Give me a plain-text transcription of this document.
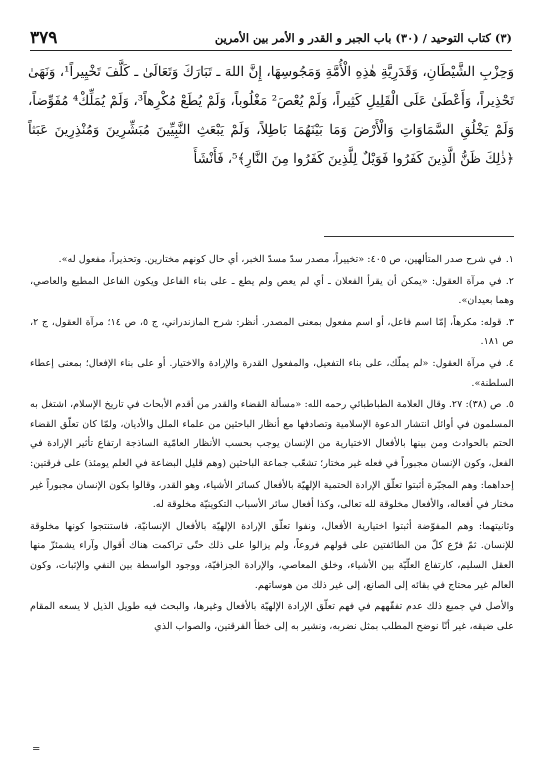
(٣) كتاب التوحيد / (٣٠) باب الجبر و القدر و الأمر بين الأمرين
٣٧٩

وَحِزْبِ الشَّيْطَانِ، وَقَدَرِيَّةِ هٰذِهِ الْأُمَّةِ وَمَجُوسِهَا، إِنَّ اللهَ ـ تَبَارَكَ وَتَعَالَىٰ ـ كَلَّفَ تَخْيِيراً¹، وَنَهَىٰ تَحْذِيراً، وَأَعْطَىٰ عَلَى الْقَلِيلِ كَثِيراً، وَلَمْ يُعْصَ² مَغْلُوباً، وَلَمْ يُطَعْ مُكْرِهاً³، وَلَمْ يُمَلِّكْ⁴ مُفَوِّضاً، وَلَمْ يَخْلُقِ السَّمَاوَاتِ وَالْأَرْضَ وَمَا بَيْنَهُمَا بَاطِلاً، وَلَمْ يَبْعَثِ النَّبِيِّينَ مُبَشِّرِينَ وَمُنْذِرِينَ عَبَثاً ﴿ذٰلِكَ ظَنُّ الَّذِينَ كَفَرُوا فَوَيْلٌ لِلَّذِينَ كَفَرُوا مِنَ النَّارِ﴾⁵، فَأَنْشَأَ

١.في شرح صدر المتألهين، ص ٤٠٥: «تخييراً، مصدر سدّ مسدّ الخبر، أي حال كونهم مختارين. وتحذيراً، مفعول له».
٢.في مرآة العقول: «يمكن أن يقرأ الفعلان ـ أي لم يعص ولم يطع ـ على بناء الفاعل ويكون الفاعل المطيع والعاصي، وهما بعيدان».
٣.قوله: مكرهاً، إمّا اسم فاعل، أو اسم مفعول بمعنى المصدر. أنظر: شرح المازندراني، ج ٥، ص ١٤؛ مرآة العقول، ج ٢، ص ١٨١.
٤.في مرآة العقول: «لم يملّك، على بناء التفعيل، والمفعول القدرة والإرادة والاختيار. أو على بناء الإفعال؛ بمعنى إعطاء السلطنة».
٥.ص (٣٨): ٢٧. وقال العلامة الطباطبائي رحمه الله: «مسألة القضاء والقدر من أقدم الأبحاث في تاريخ الإسلام، اشتغل به المسلمون في أوائل انتشار الدعوة الإسلامية وتصادفها مع أنظار الباحثين من علماء الملل والأديان، ولمّا كان تعلّق القضاء الحتم بالحوادث ومن بينها بالأفعال الاختيارية من الإنسان يوجب بحسب الأنظار العامّية الساذجة ارتفاع تأثير الإرادة في الفعل، وكون الإنسان مجبوراً في فعله غير مختار؛ تشعّب جماعة الباحثين (وهم قليل البضاعة في العلم يومئذ) على فرقتين:

إحداهما: وهم المجبّرة أثبتوا تعلّق الإرادة الحتمية الإلهيّة بالأفعال كسائر الأشياء، وهو القدر، وقالوا بكون الإنسان مجبوراً غير مختار في أفعاله، والأفعال مخلوقة لله تعالى، وكذا أفعال سائر الأسباب التكوينيّة مخلوقة له.

وثانيتهما: وهم المفوّضة أثبتوا اختيارية الأفعال، ونفوا تعلّق الإرادة الإلهيّة بالأفعال الإنسانيّة، فاستنتجوا كونها مخلوقة للإنسان. ثمّ فرّع كلّ من الطائفتين على قولهم فروعاً، ولم يزالوا على ذلك حتّى تراكمت هناك أقوال وآراء يشمئزّ منها العقل السليم، كارتفاع العلّيّة بين الأشياء، وخلق المعاصي، والإرادة الجزافيّة، ووجود الواسطة بين النفي والإثبات، وكون العالم غير محتاج في بقائه إلى الصانع، إلى غير ذلك من هوساتهم.

والأصل في جميع ذلك عدم تفقّههم في فهم تعلّق الإرادة الإلهيّة بالأفعال وغيرها، والبحث فيه طويل الذيل لا يسعه المقام على ضيقه، غير أنّا نوضح المطلب بمثل نضربه، ونشير به إلى خطأ الفرقتين، والصواب الذي

=
